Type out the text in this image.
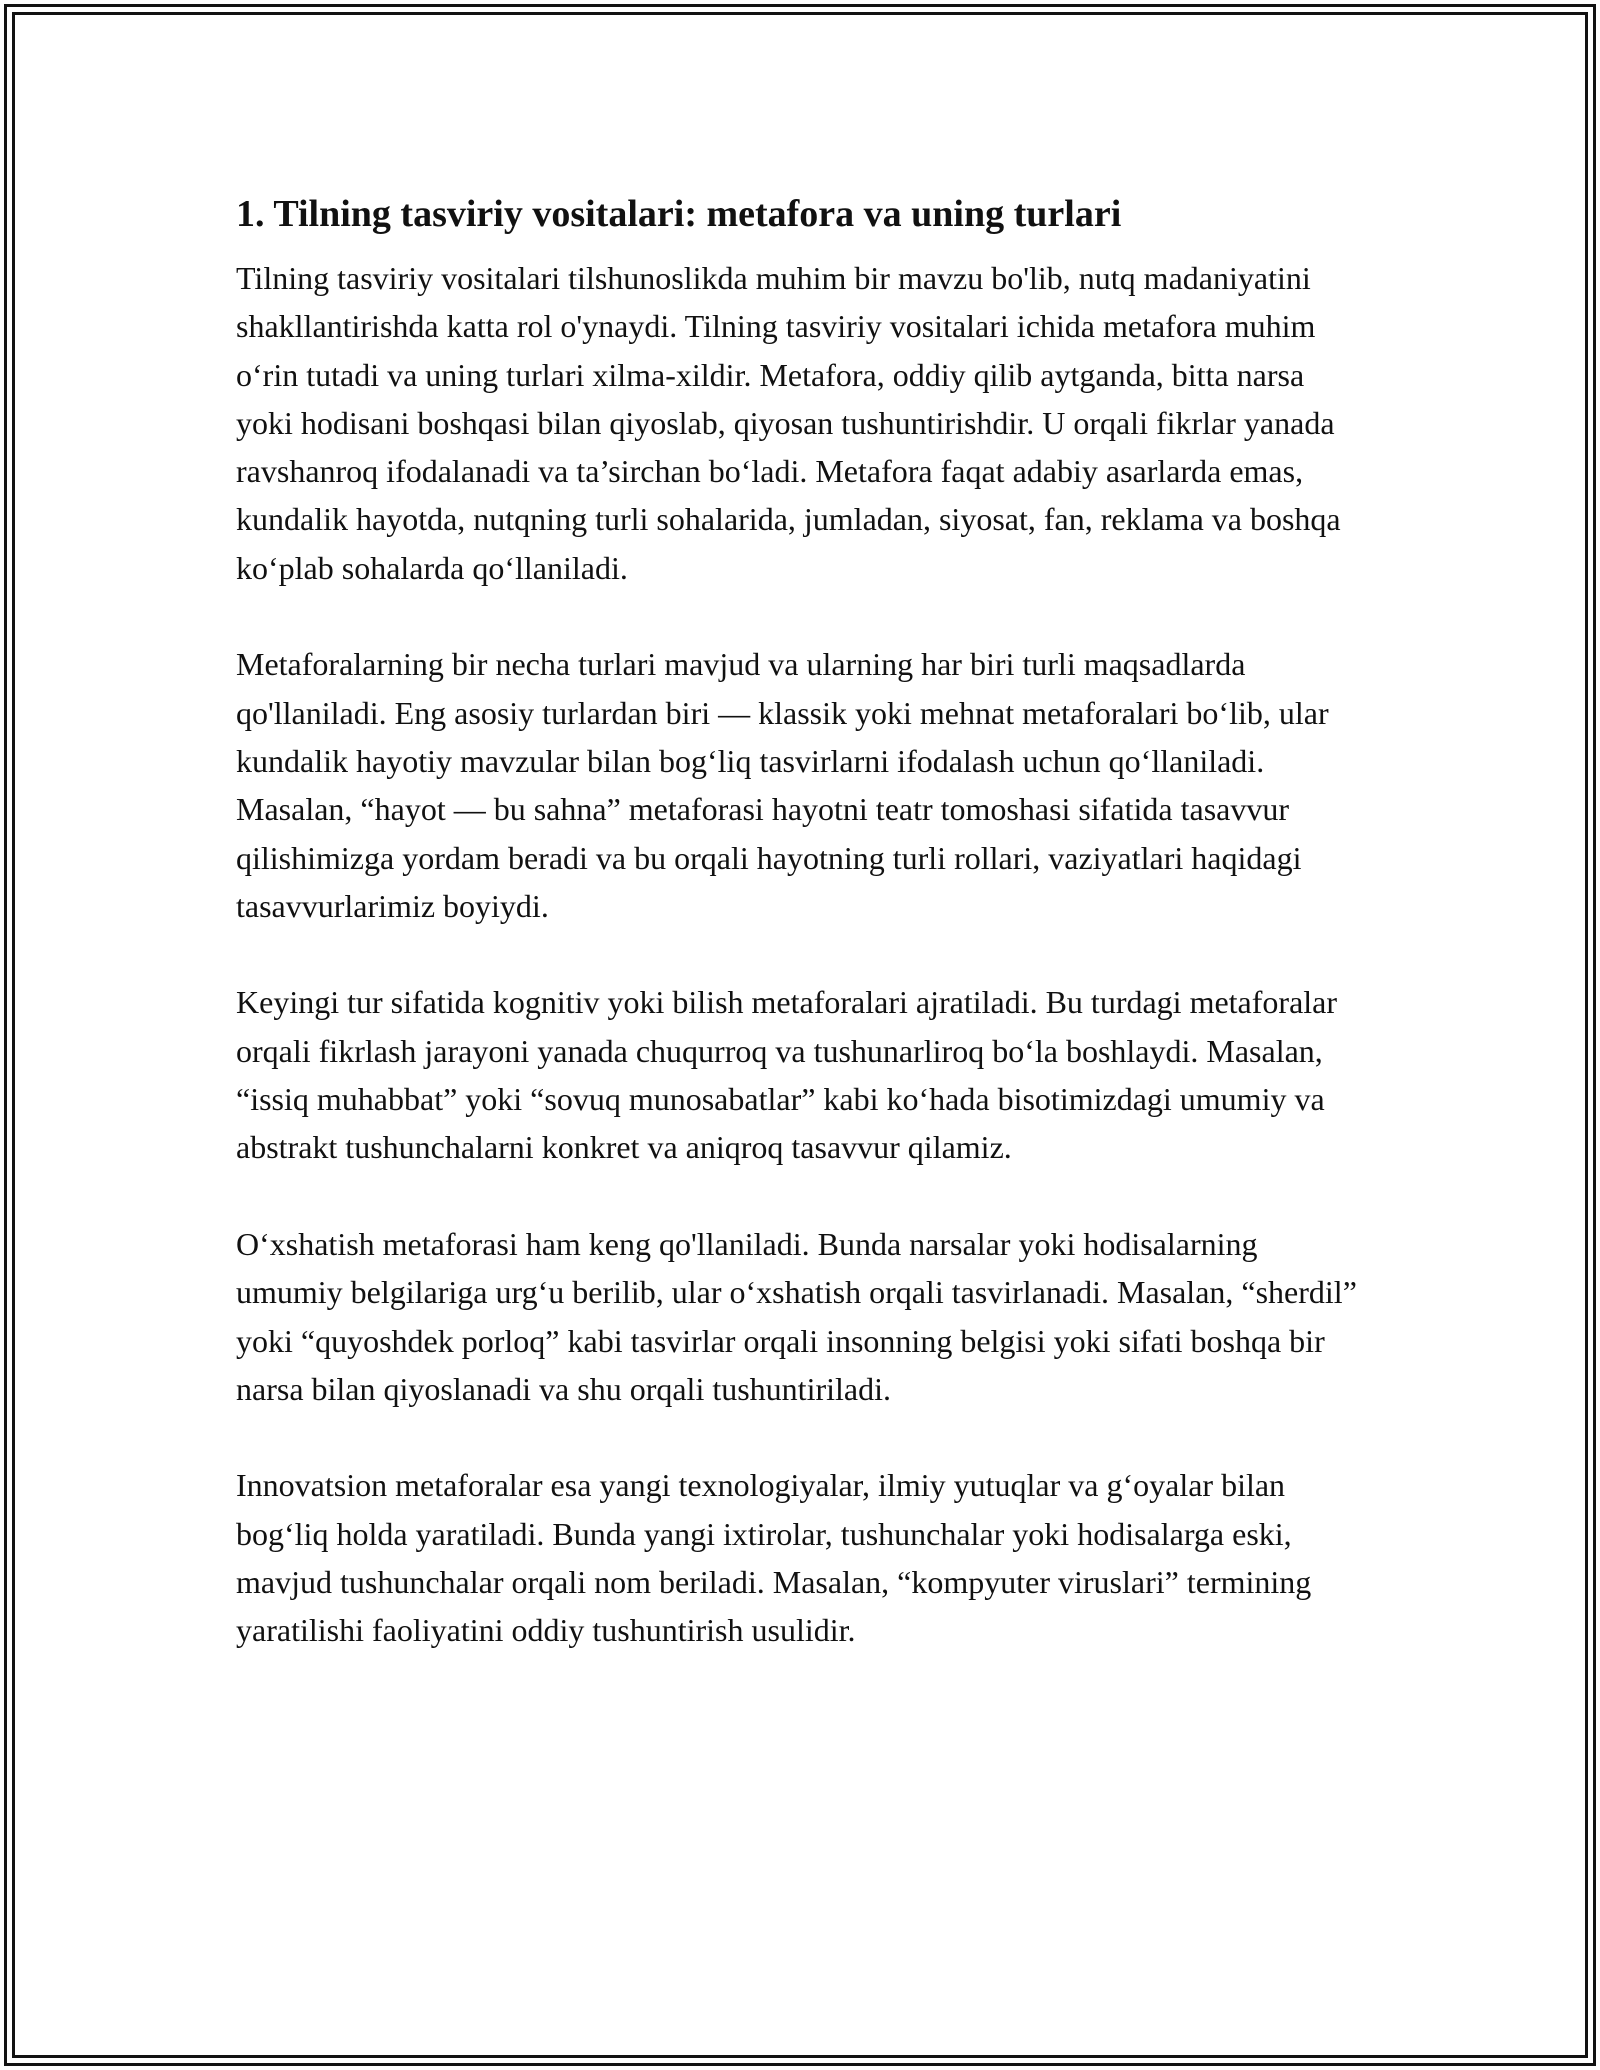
1. Tilning tasviriy vositalari: metafora va uning turlari

Tilning tasviriy vositalari tilshunoslikda muhim bir mavzu bo'lib, nutq madaniyatini shakllantirishda katta rol o'ynaydi. Tilning tasviriy vositalari ichida metafora muhim o‘rin tutadi va uning turlari xilma-xildir. Metafora, oddiy qilib aytganda, bitta narsa yoki hodisani boshqasi bilan qiyoslab, qiyosan tushuntirishdir. U orqali fikrlar yanada ravshanroq ifodalanadi va ta’sirchan bo‘ladi. Metafora faqat adabiy asarlarda emas, kundalik hayotda, nutqning turli sohalarida, jumladan, siyosat, fan, reklama va boshqa ko‘plab sohalarda qo‘llaniladi.

Metaforalarning bir necha turlari mavjud va ularning har biri turli maqsadlarda qo'llaniladi. Eng asosiy turlardan biri — klassik yoki mehnat metaforalari bo‘lib, ular kundalik hayotiy mavzular bilan bog‘liq tasvirlarni ifodalash uchun qo‘llaniladi. Masalan, “hayot — bu sahna” metaforasi hayotni teatr tomoshasi sifatida tasavvur qilishimizga yordam beradi va bu orqali hayotning turli rollari, vaziyatlari haqidagi tasavvurlarimiz boyiydi.

Keyingi tur sifatida kognitiv yoki bilish metaforalari ajratiladi. Bu turdagi metaforalar orqali fikrlash jarayoni yanada chuqurroq va tushunarliroq bo‘la boshlaydi. Masalan, “issiq muhabbat” yoki “sovuq munosabatlar” kabi ko‘hada bisotimizdagi umumiy va abstrakt tushunchalarni konkret va aniqroq tasavvur qilamiz.

O‘xshatish metaforasi ham keng qo'llaniladi. Bunda narsalar yoki hodisalarning umumiy belgilariga urg‘u berilib, ular o‘xshatish orqali tasvirlanadi. Masalan, “sherdil” yoki “quyoshdek porloq” kabi tasvirlar orqali insonning belgisi yoki sifati boshqa bir narsa bilan qiyoslanadi va shu orqali tushuntiriladi.

Innovatsion metaforalar esa yangi texnologiyalar, ilmiy yutuqlar va g‘oyalar bilan bog‘liq holda yaratiladi. Bunda yangi ixtirolar, tushunchalar yoki hodisalarga eski, mavjud tushunchalar orqali nom beriladi. Masalan, “kompyuter viruslari” termining yaratilishi faoliyatini oddiy tushuntirish usulidir.
